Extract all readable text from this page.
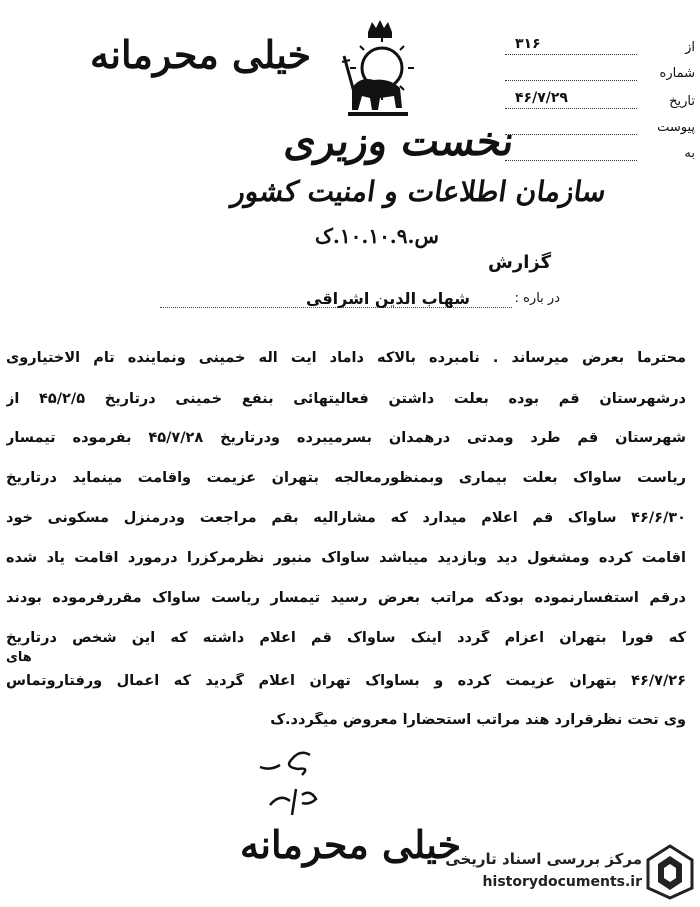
خیلی محرمانه
نخست وزیری
سازمان اطلاعات و امنیت کشور
س.۱۰.۱۰.۹.ک
از
۳۱۶
شماره
تاریخ
۴۶/۷/۲۹
پیوست
به
گزارش
در باره :
شهاب الدین اشراقی
محترماً بعرض میرساند . نامبرده بالاکه داماد ایت اله خمینی ونماینده تام الاختیاروی
درشهرستان قم بوده بعلت داشتن فعالیتهائی بنفع خمینی درتاریخ ۴۵/۲/۵ از
شهرستان قم طرد ومدتی درهمدان بسرمیبرده ودرتاریخ ۴۵/۷/۲۸ بفرموده تیمسار
ریاست ساواک بعلت بیماری وبمنظورمعالجه بتهران عزیمت واقامت مینماید درتاریخ
۴۶/۶/۳۰ ساواک قم اعلام میدارد که مشارالیه بقم مراجعت ودرمنزل مسکونی خود
اقامت کرده ومشغول دید وبازدید میباشد ساواک منبور نظرمرکزرا درمورد اقامت یاد شده
درقم استفسارنموده بودکه مراتب بعرض رسید تیمسار ریاست ساواک مقررفرموده بودند
که فوراً بتهران اعزام گردد اینک ساواک قم اعلام داشته که این شخص درتاریخ
۴۶/۷/۲۶ بتهران عزیمت کرده و بساواک تهران اعلام گردید که اعمال ورفتاروتماس
وی تحت نظرقرارد هند مراتب استحضاراً معروض میگردد.ک
های
خیلی محرمانه
مرکز بررسی اسناد تاریخی
historydocuments.ir
